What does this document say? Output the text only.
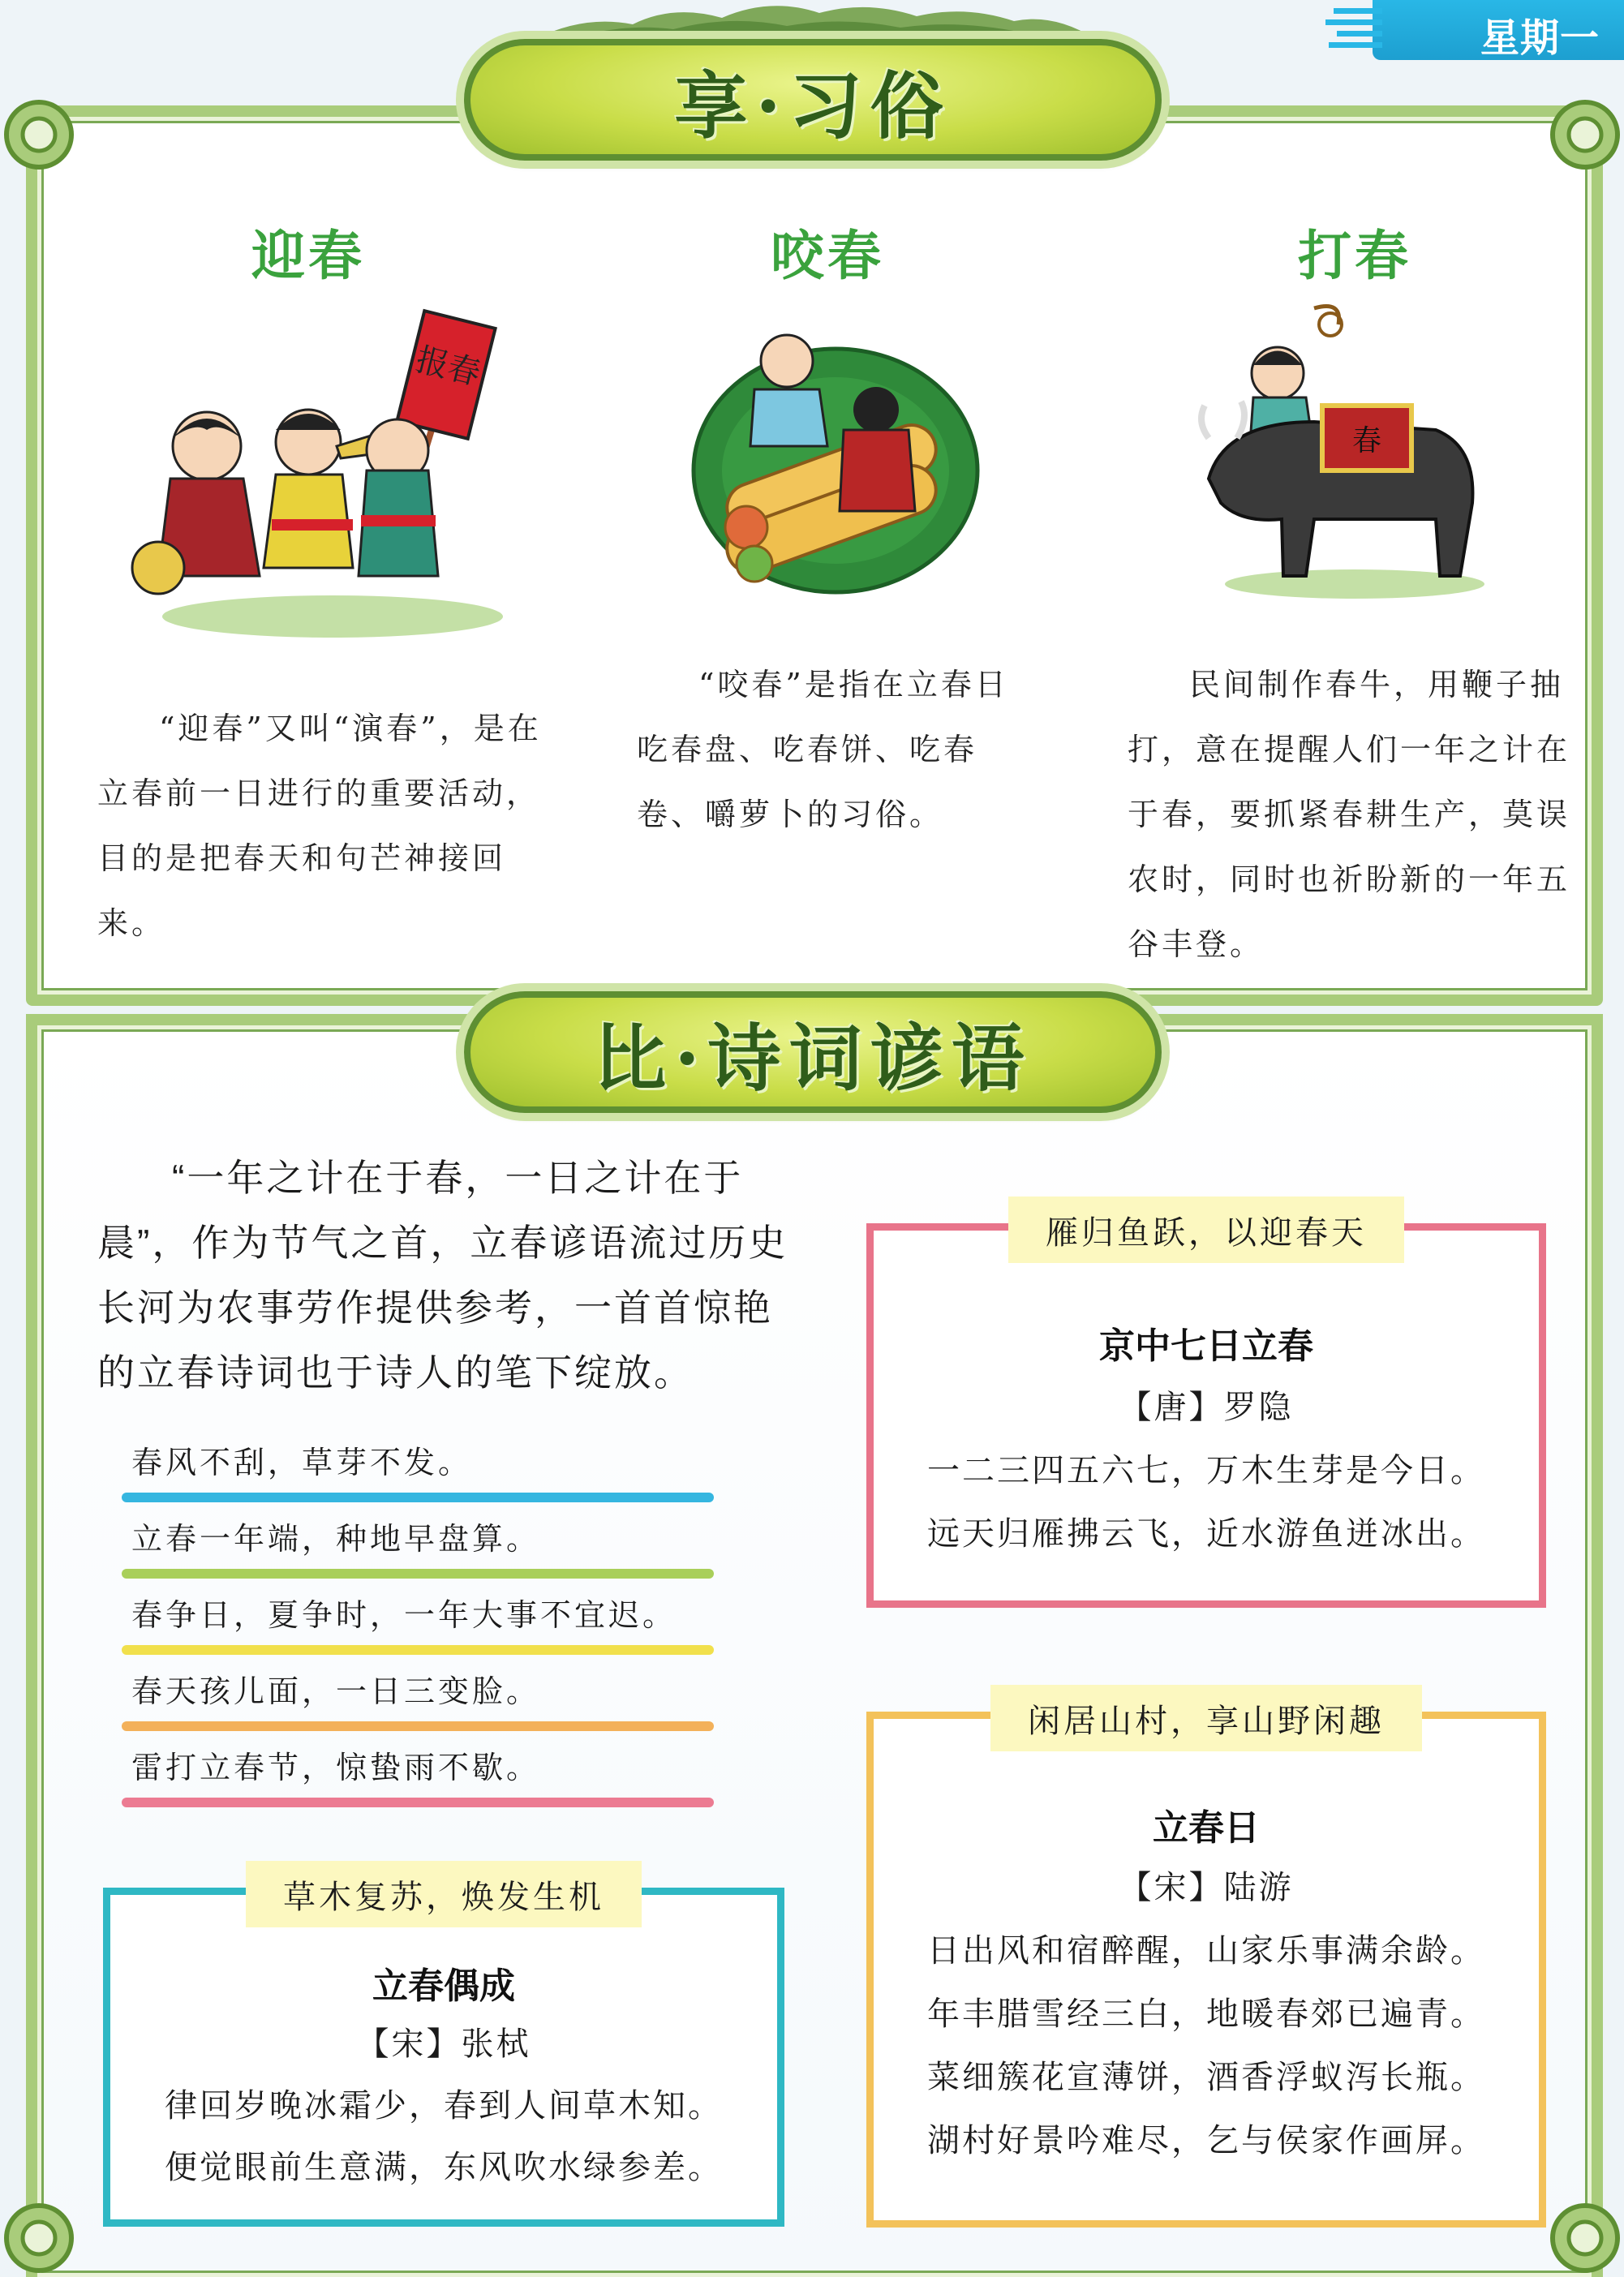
星期一
享·习俗
迎春	咬春	打春
报春
春
“迎春”又叫“演春”，是在立春前一日进行的重要活动，目的是把春天和句芒神接回来。
“咬春”是指在立春日吃春盘、吃春饼、吃春卷、嚼萝卜的习俗。
民间制作春牛，用鞭子抽打，意在提醒人们一年之计在于春，要抓紧春耕生产，莫误农时，同时也祈盼新的一年五谷丰登。
比·诗词谚语
“一年之计在于春，一日之计在于晨”，作为节气之首，立春谚语流过历史长河为农事劳作提供参考，一首首惊艳的立春诗词也于诗人的笔下绽放。
春风不刮，草芽不发。
立春一年端，种地早盘算。
春争日，夏争时，一年大事不宜迟。
春天孩儿面，一日三变脸。
雷打立春节，惊蛰雨不歇。
草木复苏，焕发生机
立春偶成
【宋】张栻
律回岁晚冰霜少，春到人间草木知。
便觉眼前生意满，东风吹水绿参差。
雁归鱼跃，以迎春天
京中七日立春
【唐】罗隐
一二三四五六七，万木生芽是今日。
远天归雁拂云飞，近水游鱼迸冰出。
闲居山村，享山野闲趣
立春日
【宋】陆游
日出风和宿醉醒，山家乐事满余龄。
年丰腊雪经三白，地暖春郊已遍青。
菜细簇花宣薄饼，酒香浮蚁泻长瓶。
湖村好景吟难尽，乞与侯家作画屏。
